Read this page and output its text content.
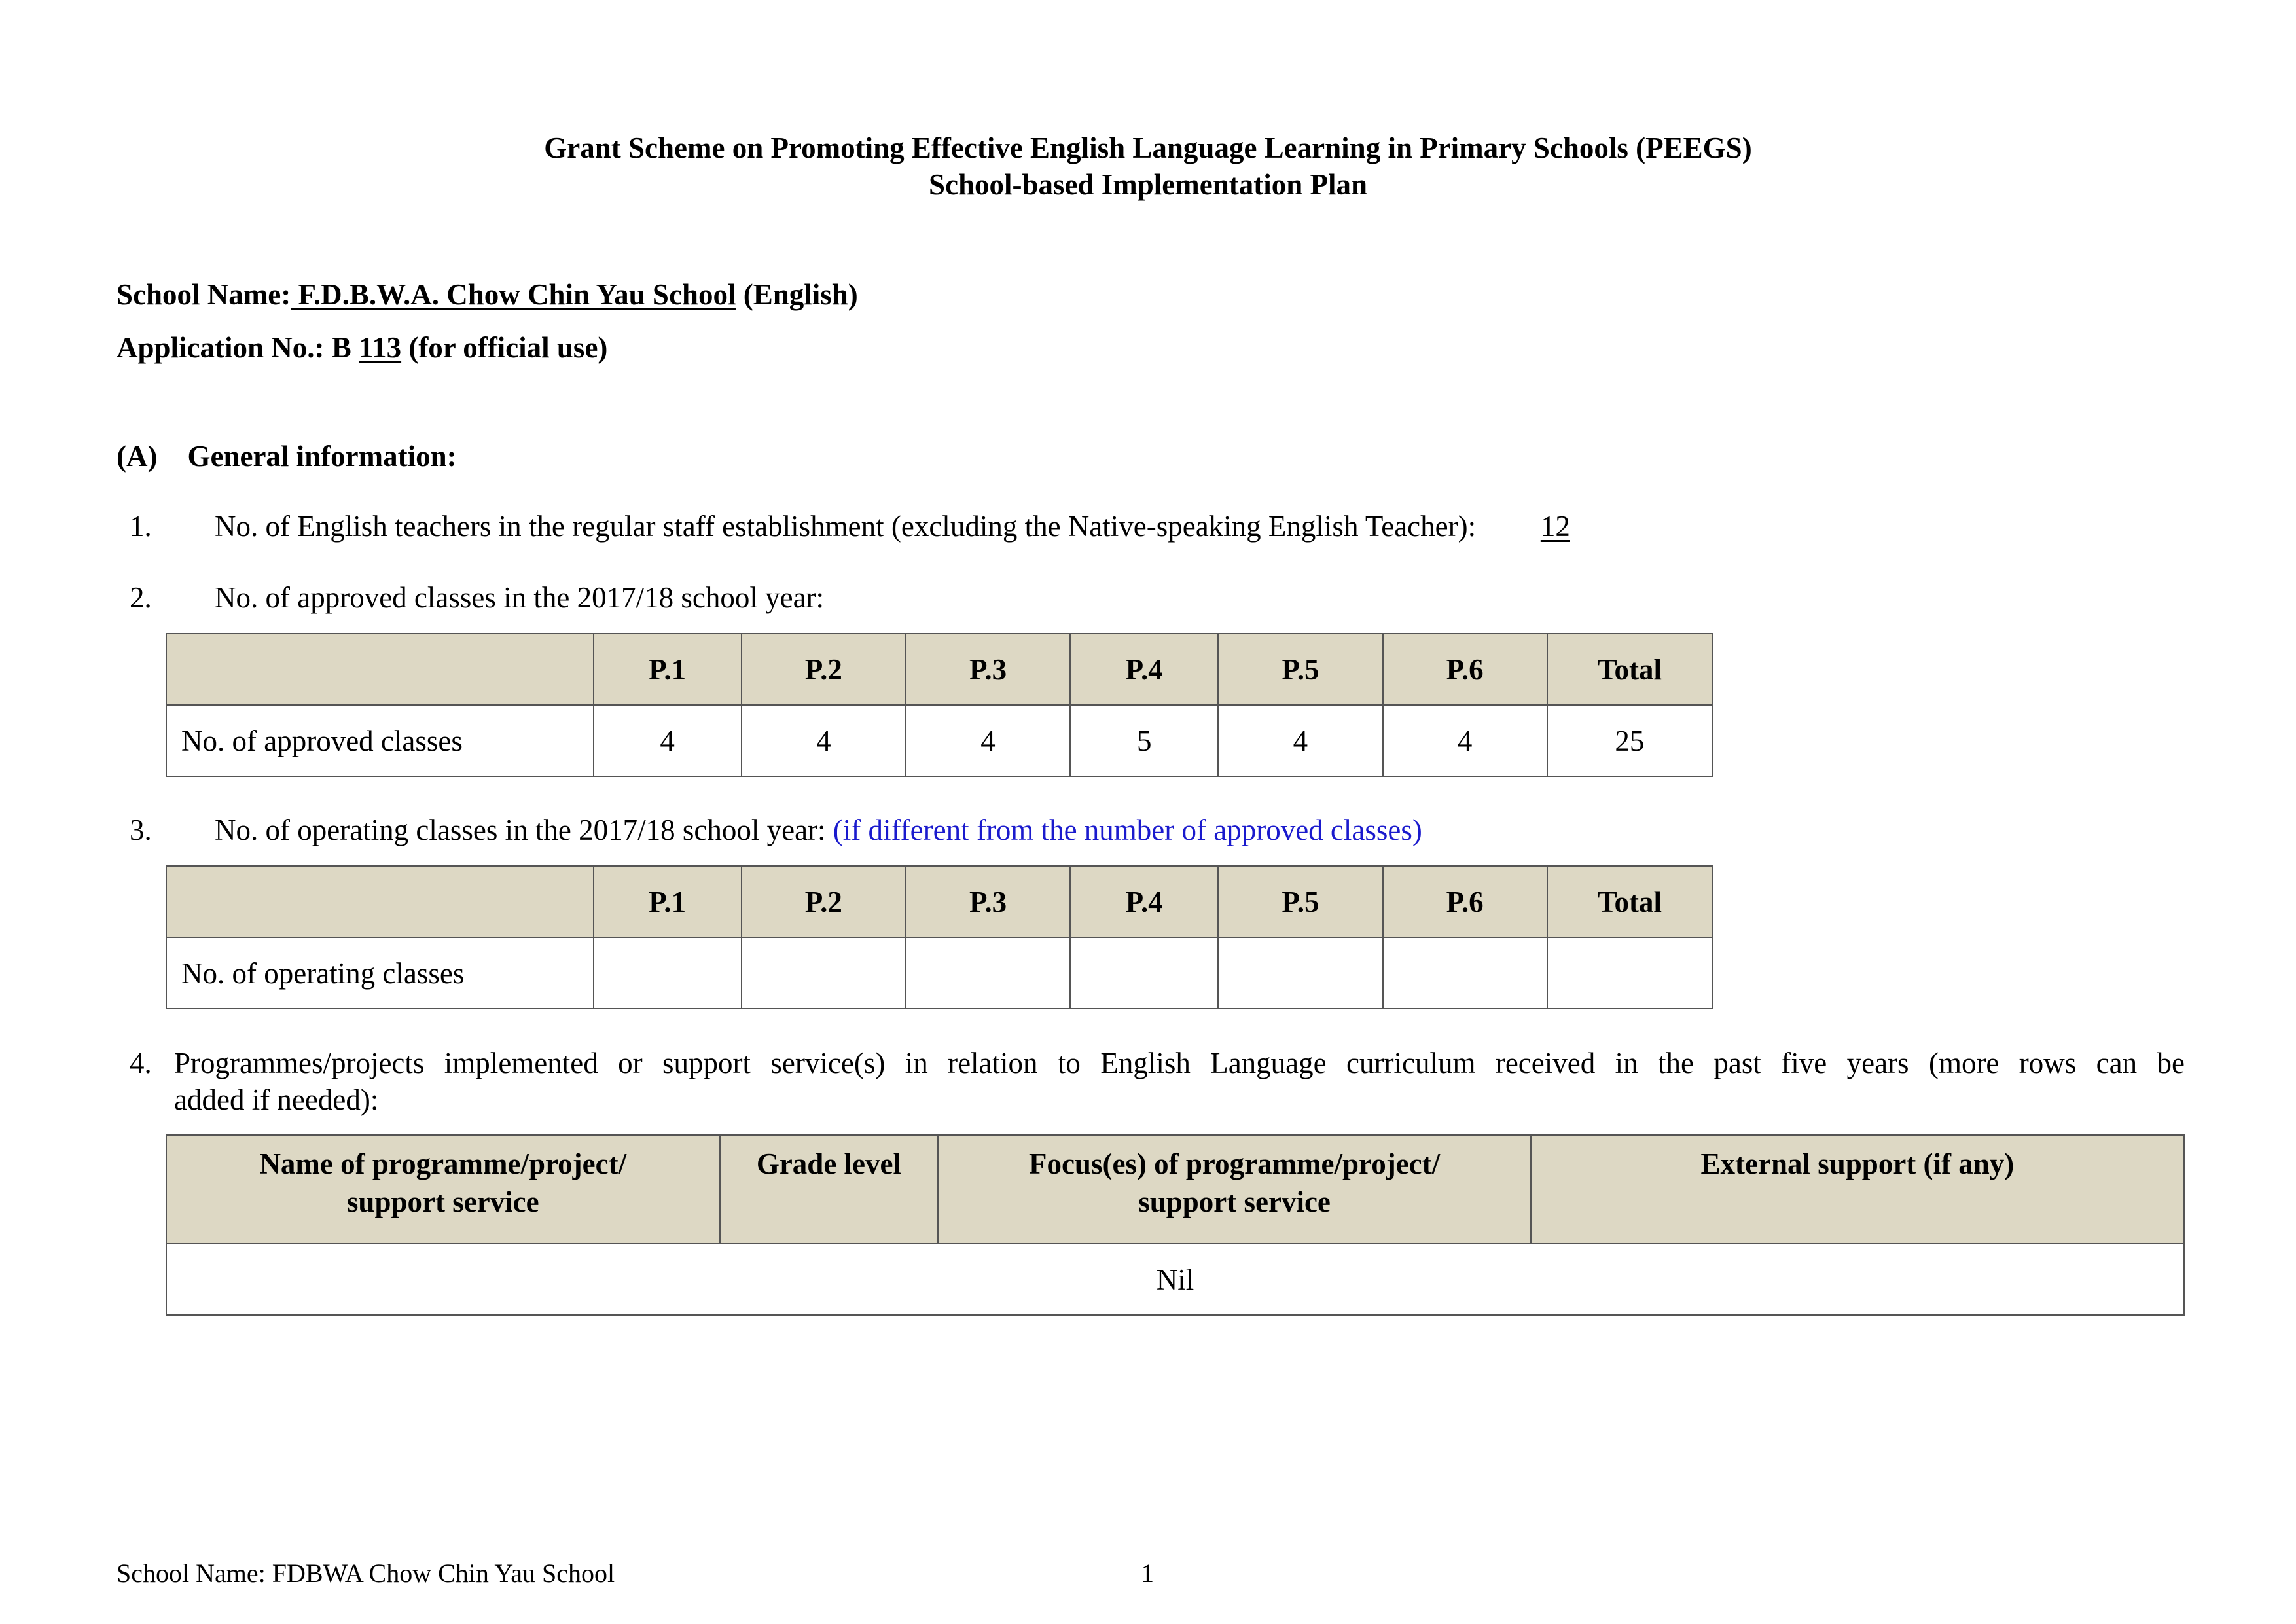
Grant Scheme on Promoting Effective English Language Learning in Primary Schools (PEEGS)
School-based Implementation Plan
School Name: F.D.B.W.A. Chow Chin Yau School (English)
Application No.: B 113 (for official use)
(A) General information:
1. No. of English teachers in the regular staff establishment (excluding the Native-speaking English Teacher): 12
2. No. of approved classes in the 2017/18 school year:
	P.1	P.2	P.3	P.4	P.5	P.6	Total
No. of approved classes	4	4	4	5	4	4	25
3. No. of operating classes in the 2017/18 school year: (if different from the number of approved classes)
	P.1	P.2	P.3	P.4	P.5	P.6	Total
No. of operating classes							
4. Programmes/projects implemented or support service(s) in relation to English Language curriculum received in the past five years (more rows can be
added if needed):
Name of programme/project/
support service
	Grade level	Focus(es) of programme/project/
support service
	External support (if any)
Nil
School Name: FDBWA Chow Chin Yau School	1
